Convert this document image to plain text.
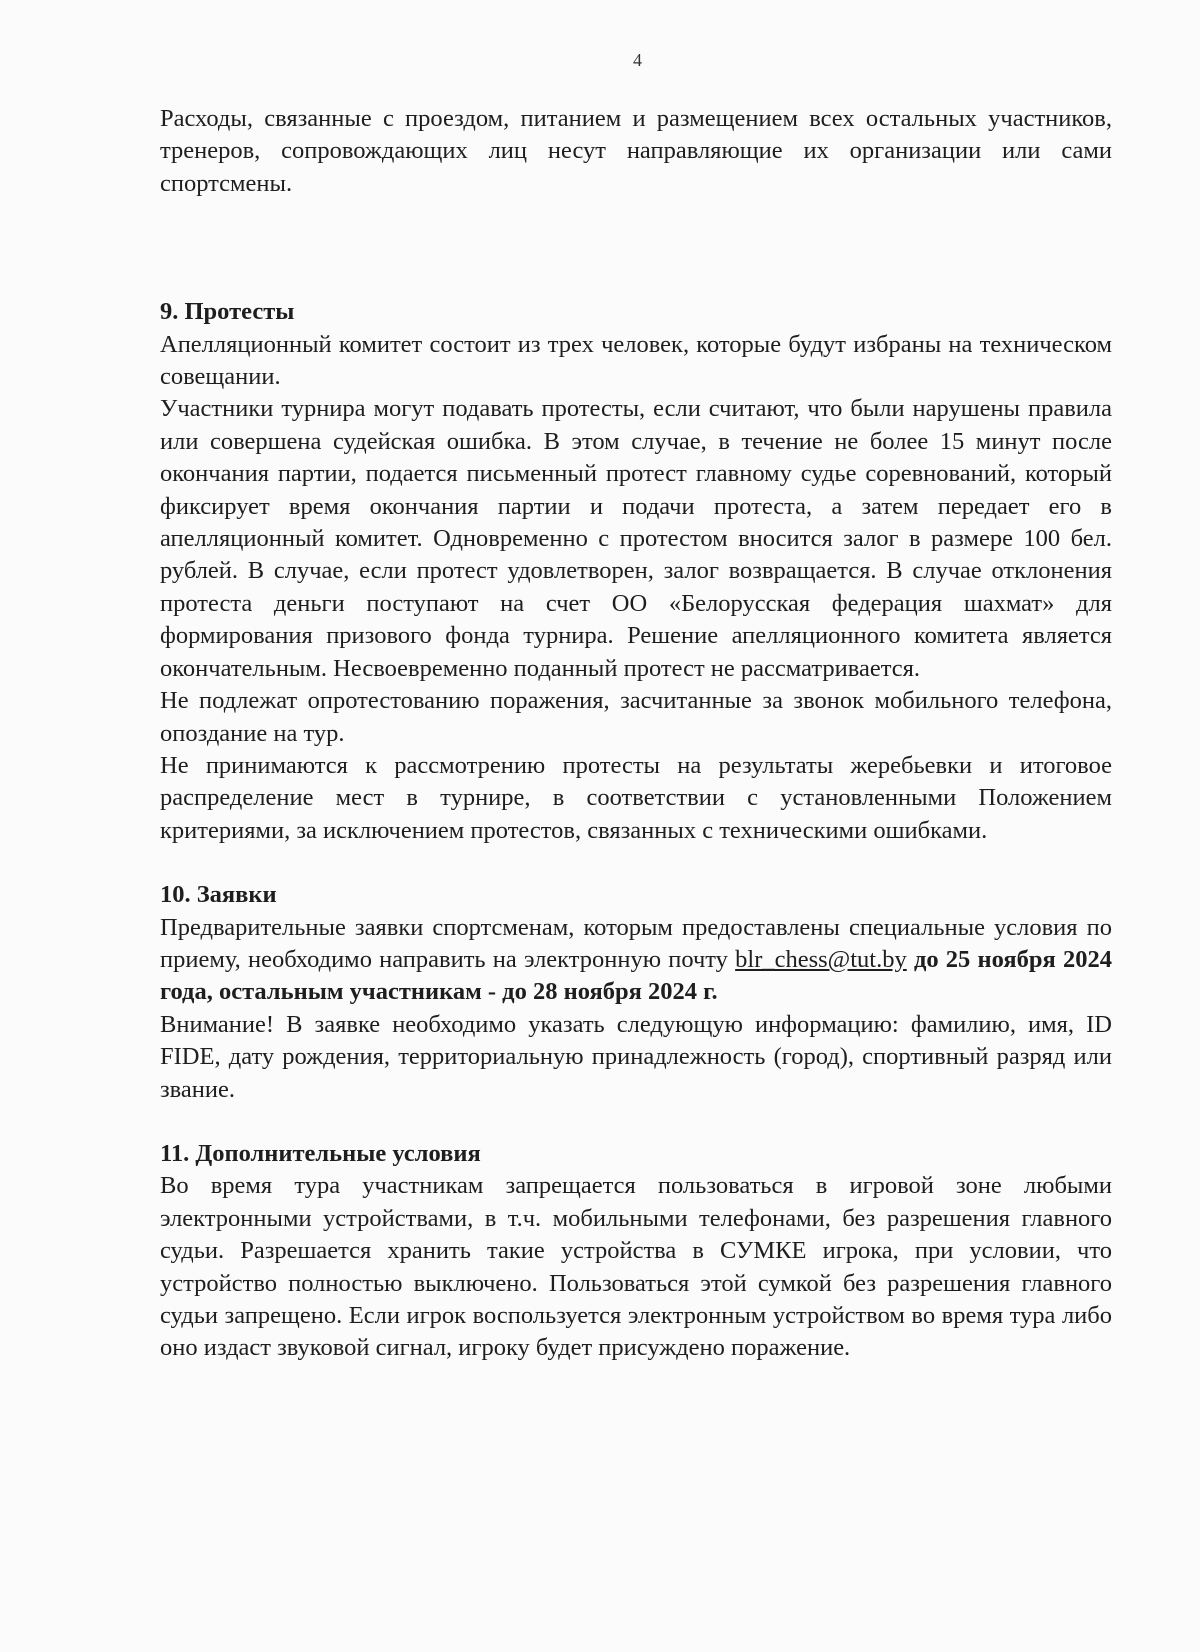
4

Расходы, связанные с проездом, питанием и размещением всех остальных участников, тренеров, сопровождающих лиц несут направляющие их организации или сами спортсмены.

9. Протесты

Апелляционный комитет состоит из трех человек, которые будут избраны на техническом совещании.

Участники турнира могут подавать протесты, если считают, что были нарушены правила или совершена судейская ошибка. В этом случае, в течение не более 15 минут после окончания партии, подается письменный протест главному судье соревнований, который фиксирует время окончания партии и подачи протеста, а затем передает его в апелляционный комитет. Одновременно с протестом вносится залог в размере 100 бел. рублей. В случае, если протест удовлетворен, залог возвращается. В случае отклонения протеста деньги поступают на счет ОО «Белорусская федерация шахмат» для формирования призового фонда турнира. Решение апелляционного комитета является окончательным. Несвоевременно поданный протест не рассматривается.

Не подлежат опротестованию поражения, засчитанные за звонок мобильного телефона, опоздание на тур.

Не принимаются к рассмотрению протесты на результаты жеребьевки и итоговое распределение мест в турнире, в соответствии с установленными Положением критериями, за исключением протестов, связанных с техническими ошибками.

10. Заявки

Предварительные заявки спортсменам, которым предоставлены специальные условия по приему, необходимо направить на электронную почту blr_chess@tut.by до 25 ноября 2024 года, остальным участникам - до 28 ноября 2024 г.

Внимание! В заявке необходимо указать следующую информацию: фамилию, имя, ID FIDE, дату рождения, территориальную принадлежность (город), спортивный разряд или звание.

11. Дополнительные условия

Во время тура участникам запрещается пользоваться в игровой зоне любыми электронными устройствами, в т.ч. мобильными телефонами, без разрешения главного судьи. Разрешается хранить такие устройства в СУМКЕ игрока, при условии, что устройство полностью выключено. Пользоваться этой сумкой без разрешения главного судьи запрещено. Если игрок воспользуется электронным устройством во время тура либо оно издаст звуковой сигнал, игроку будет присуждено поражение.
